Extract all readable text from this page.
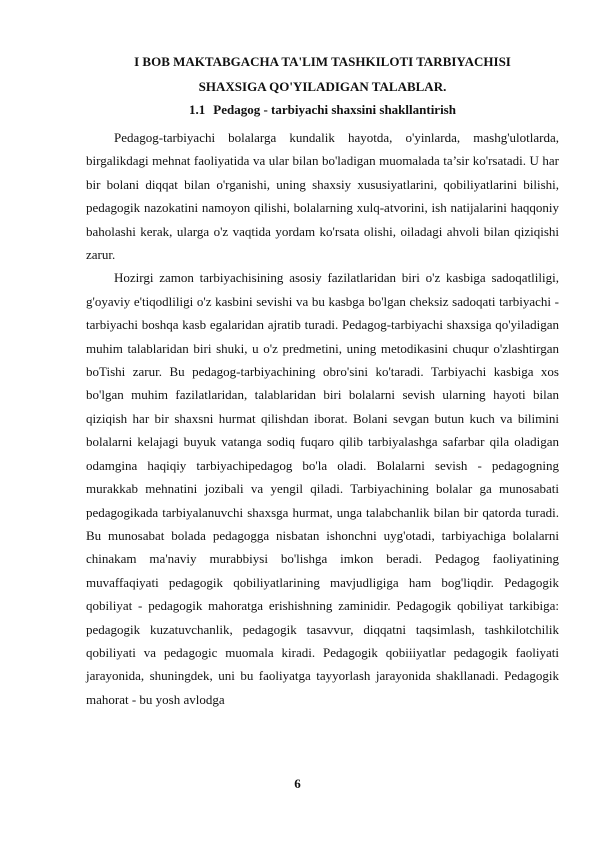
I BOB MAKTABGACHA TA'LIM TASHKILOTI TARBIYACHISI
SHAXSIGA QO'YILADIGAN TALABLAR.
1.1 Pedagog - tarbiyachi shaxsini shakllantirish

Pedagog-tarbiyachi bolalarga kundalik hayotda, o'yinlarda, mashg'ulotlarda, birgalikdagi mehnat faoliyatida va ular bilan bo'ladigan muomalada ta’sir ko'rsatadi. U har bir bolani diqqat bilan o'rganishi, uning shaxsiy xususiyatlarini, qobiliyatlarini bilishi, pedagogik nazokatini namoyon qilishi, bolalarning xulq-atvorini, ish natijalarini haqqoniy baholashi kerak, ularga o'z vaqtida yordam ko'rsata olishi, oiladagi ahvoli bilan qiziqishi zarur.

Hozirgi zamon tarbiyachisining asosiy fazilatlaridan biri o'z kasbiga sadoqatliligi, g'oyaviy e'tiqodliligi o'z kasbini sevishi va bu kasbga bo'lgan cheksiz sadoqati tarbiyachi - tarbiyachi boshqa kasb egalaridan ajratib turadi. Pedagog-tarbiyachi shaxsiga qo'yiladigan muhim talablaridan biri shuki, u o'z predmetini, uning metodikasini chuqur o'zlashtirgan boTishi zarur. Bu pedagog-tarbiyachining obro'sini ko'taradi. Tarbiyachi kasbiga xos bo'lgan muhim fazilatlaridan, talablaridan biri bolalarni sevish ularning hayoti bilan qiziqish har bir shaxsni hurmat qilishdan iborat. Bolani sevgan butun kuch va bilimini bolalarni kelajagi buyuk vatanga sodiq fuqaro qilib tarbiyalashga safarbar qila oladigan odamgina haqiqiy tarbiyachipedagog bo'la oladi. Bolalarni sevish - pedagogning murakkab mehnatini jozibali va yengil qiladi. Tarbiyachining bolalar ga munosabati pedagogikada tarbiyalanuvchi shaxsga hurmat, unga talabchanlik bilan bir qatorda turadi. Bu munosabat bolada pedagogga nisbatan ishonchni uyg'otadi, tarbiyachiga bolalarni chinakam ma'naviy murabbiysi bo'lishga imkon beradi. Pedagog faoliyatining muvaffaqiyati pedagogik qobiliyatlarining mavjudligiga ham bog'liqdir. Pedagogik qobiliyat - pedagogik mahoratga erishishning zaminidir. Pedagogik qobiliyat tarkibiga: pedagogik kuzatuvchanlik, pedagogik tasavvur, diqqatni taqsimlash, tashkilotchilik qobiliyati va pedagogic muomala kiradi. Pedagogik qobiiiyatlar pedagogik faoliyati jarayonida, shuningdek, uni bu faoliyatga tayyorlash jarayonida shakllanadi. Pedagogik mahorat - bu yosh avlodga

6
